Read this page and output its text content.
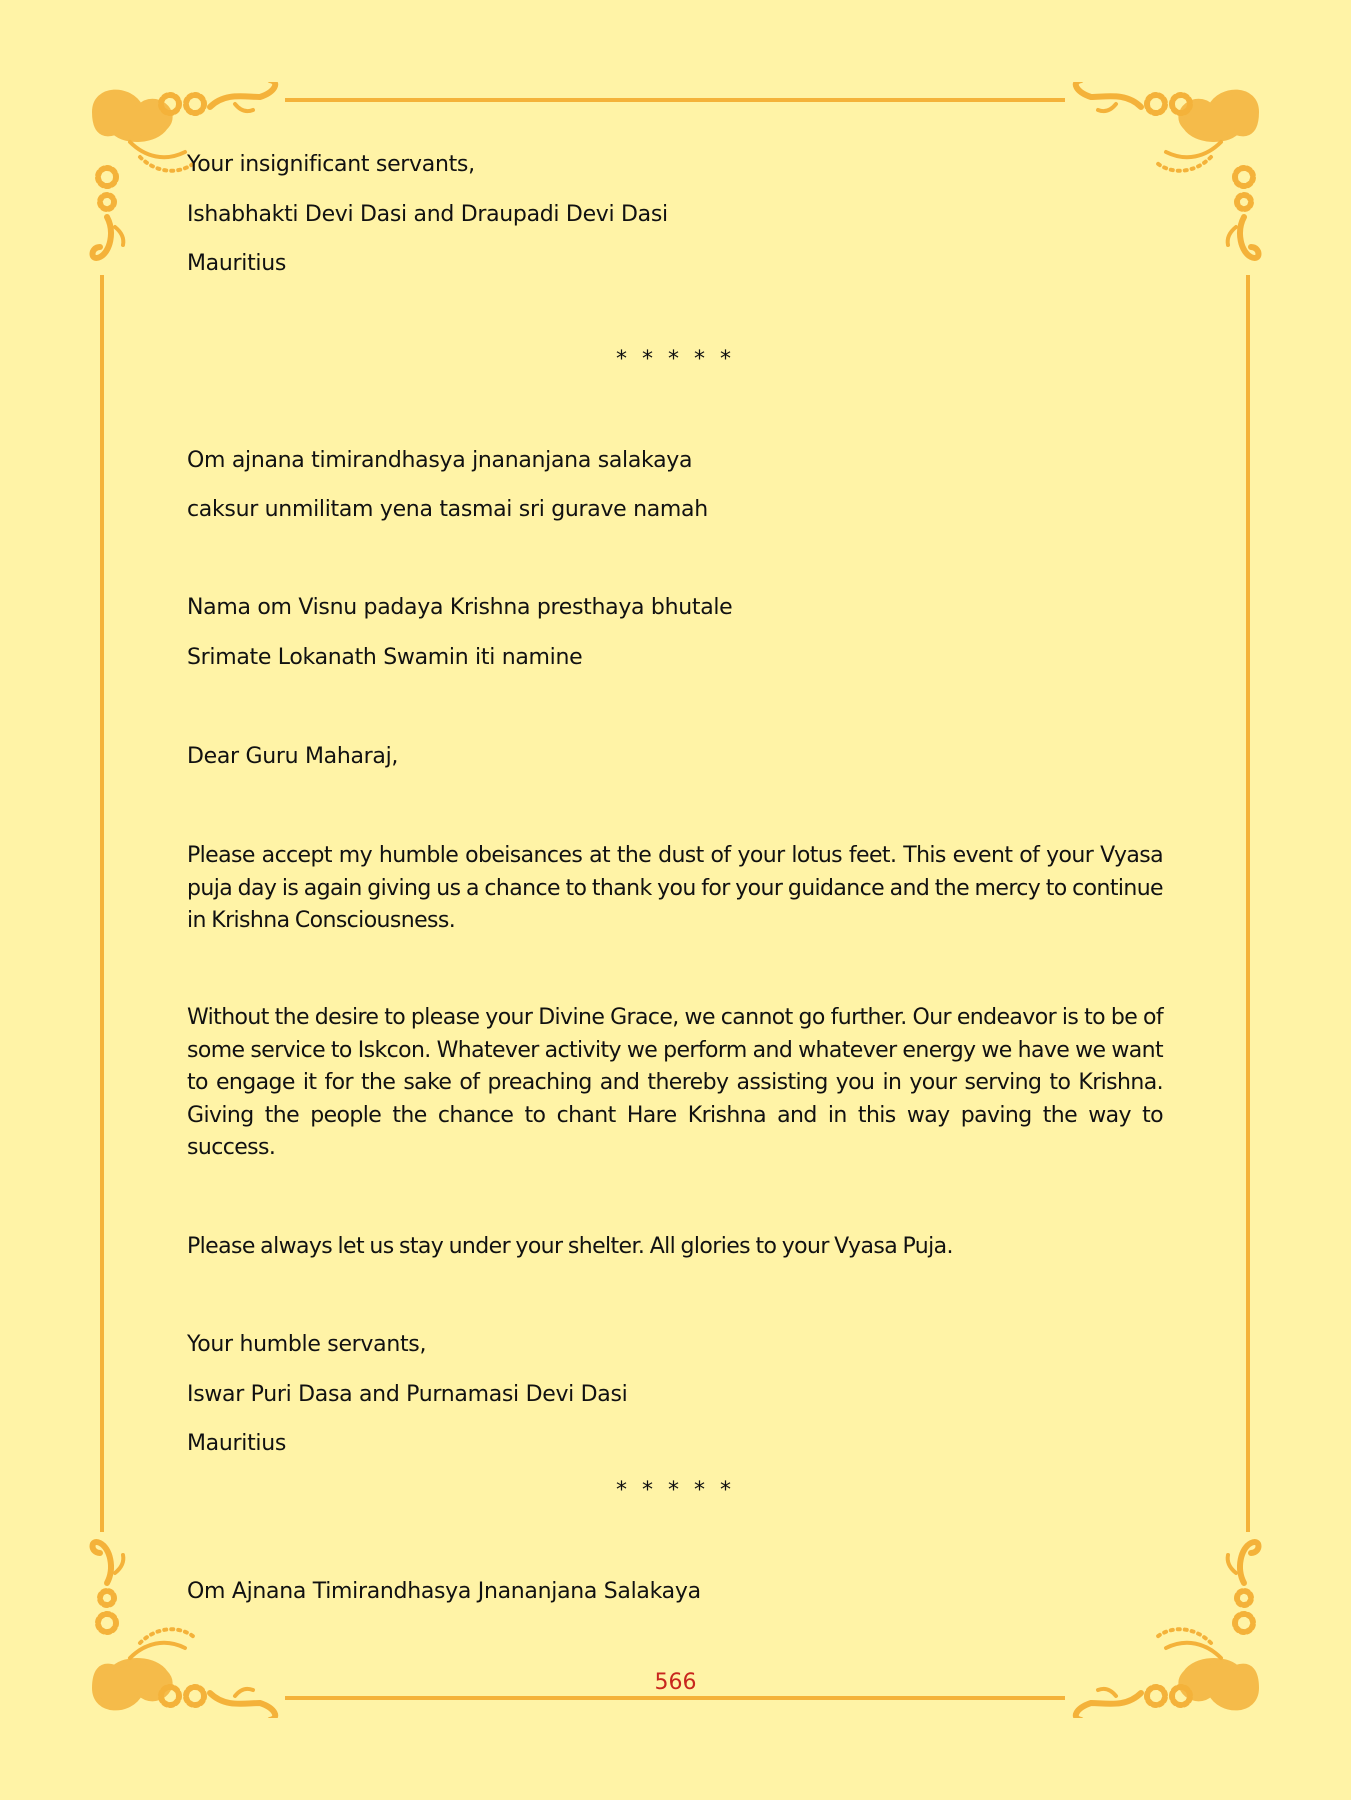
Your insignificant servants,
Ishabhakti Devi Dasi and Draupadi Devi Dasi
Mauritius
* * * * *
Om ajnana timirandhasya jnananjana salakaya
caksur unmilitam yena tasmai sri gurave namah
Nama om Visnu padaya Krishna presthaya bhutale
Srimate Lokanath Swamin iti namine
Dear Guru Maharaj,
Please accept my humble obeisances at the dust of your lotus feet. This event of your Vyasa puja day is again giving us a chance to thank you for your guidance and the mercy to continue in Krishna Consciousness.
Without the desire to please your Divine Grace, we cannot go further. Our endeavor is to be of some service to Iskcon. Whatever activity we perform and whatever energy we have we want to engage it for the sake of preaching and thereby assisting you in your serving to Krishna. Giving the people the chance to chant Hare Krishna and in this way paving the way to success.
Please always let us stay under your shelter. All glories to your Vyasa Puja.
Your humble servants,
Iswar Puri Dasa and Purnamasi Devi Dasi
Mauritius
* * * * *
Om Ajnana Timirandhasya Jnananjana Salakaya
566
